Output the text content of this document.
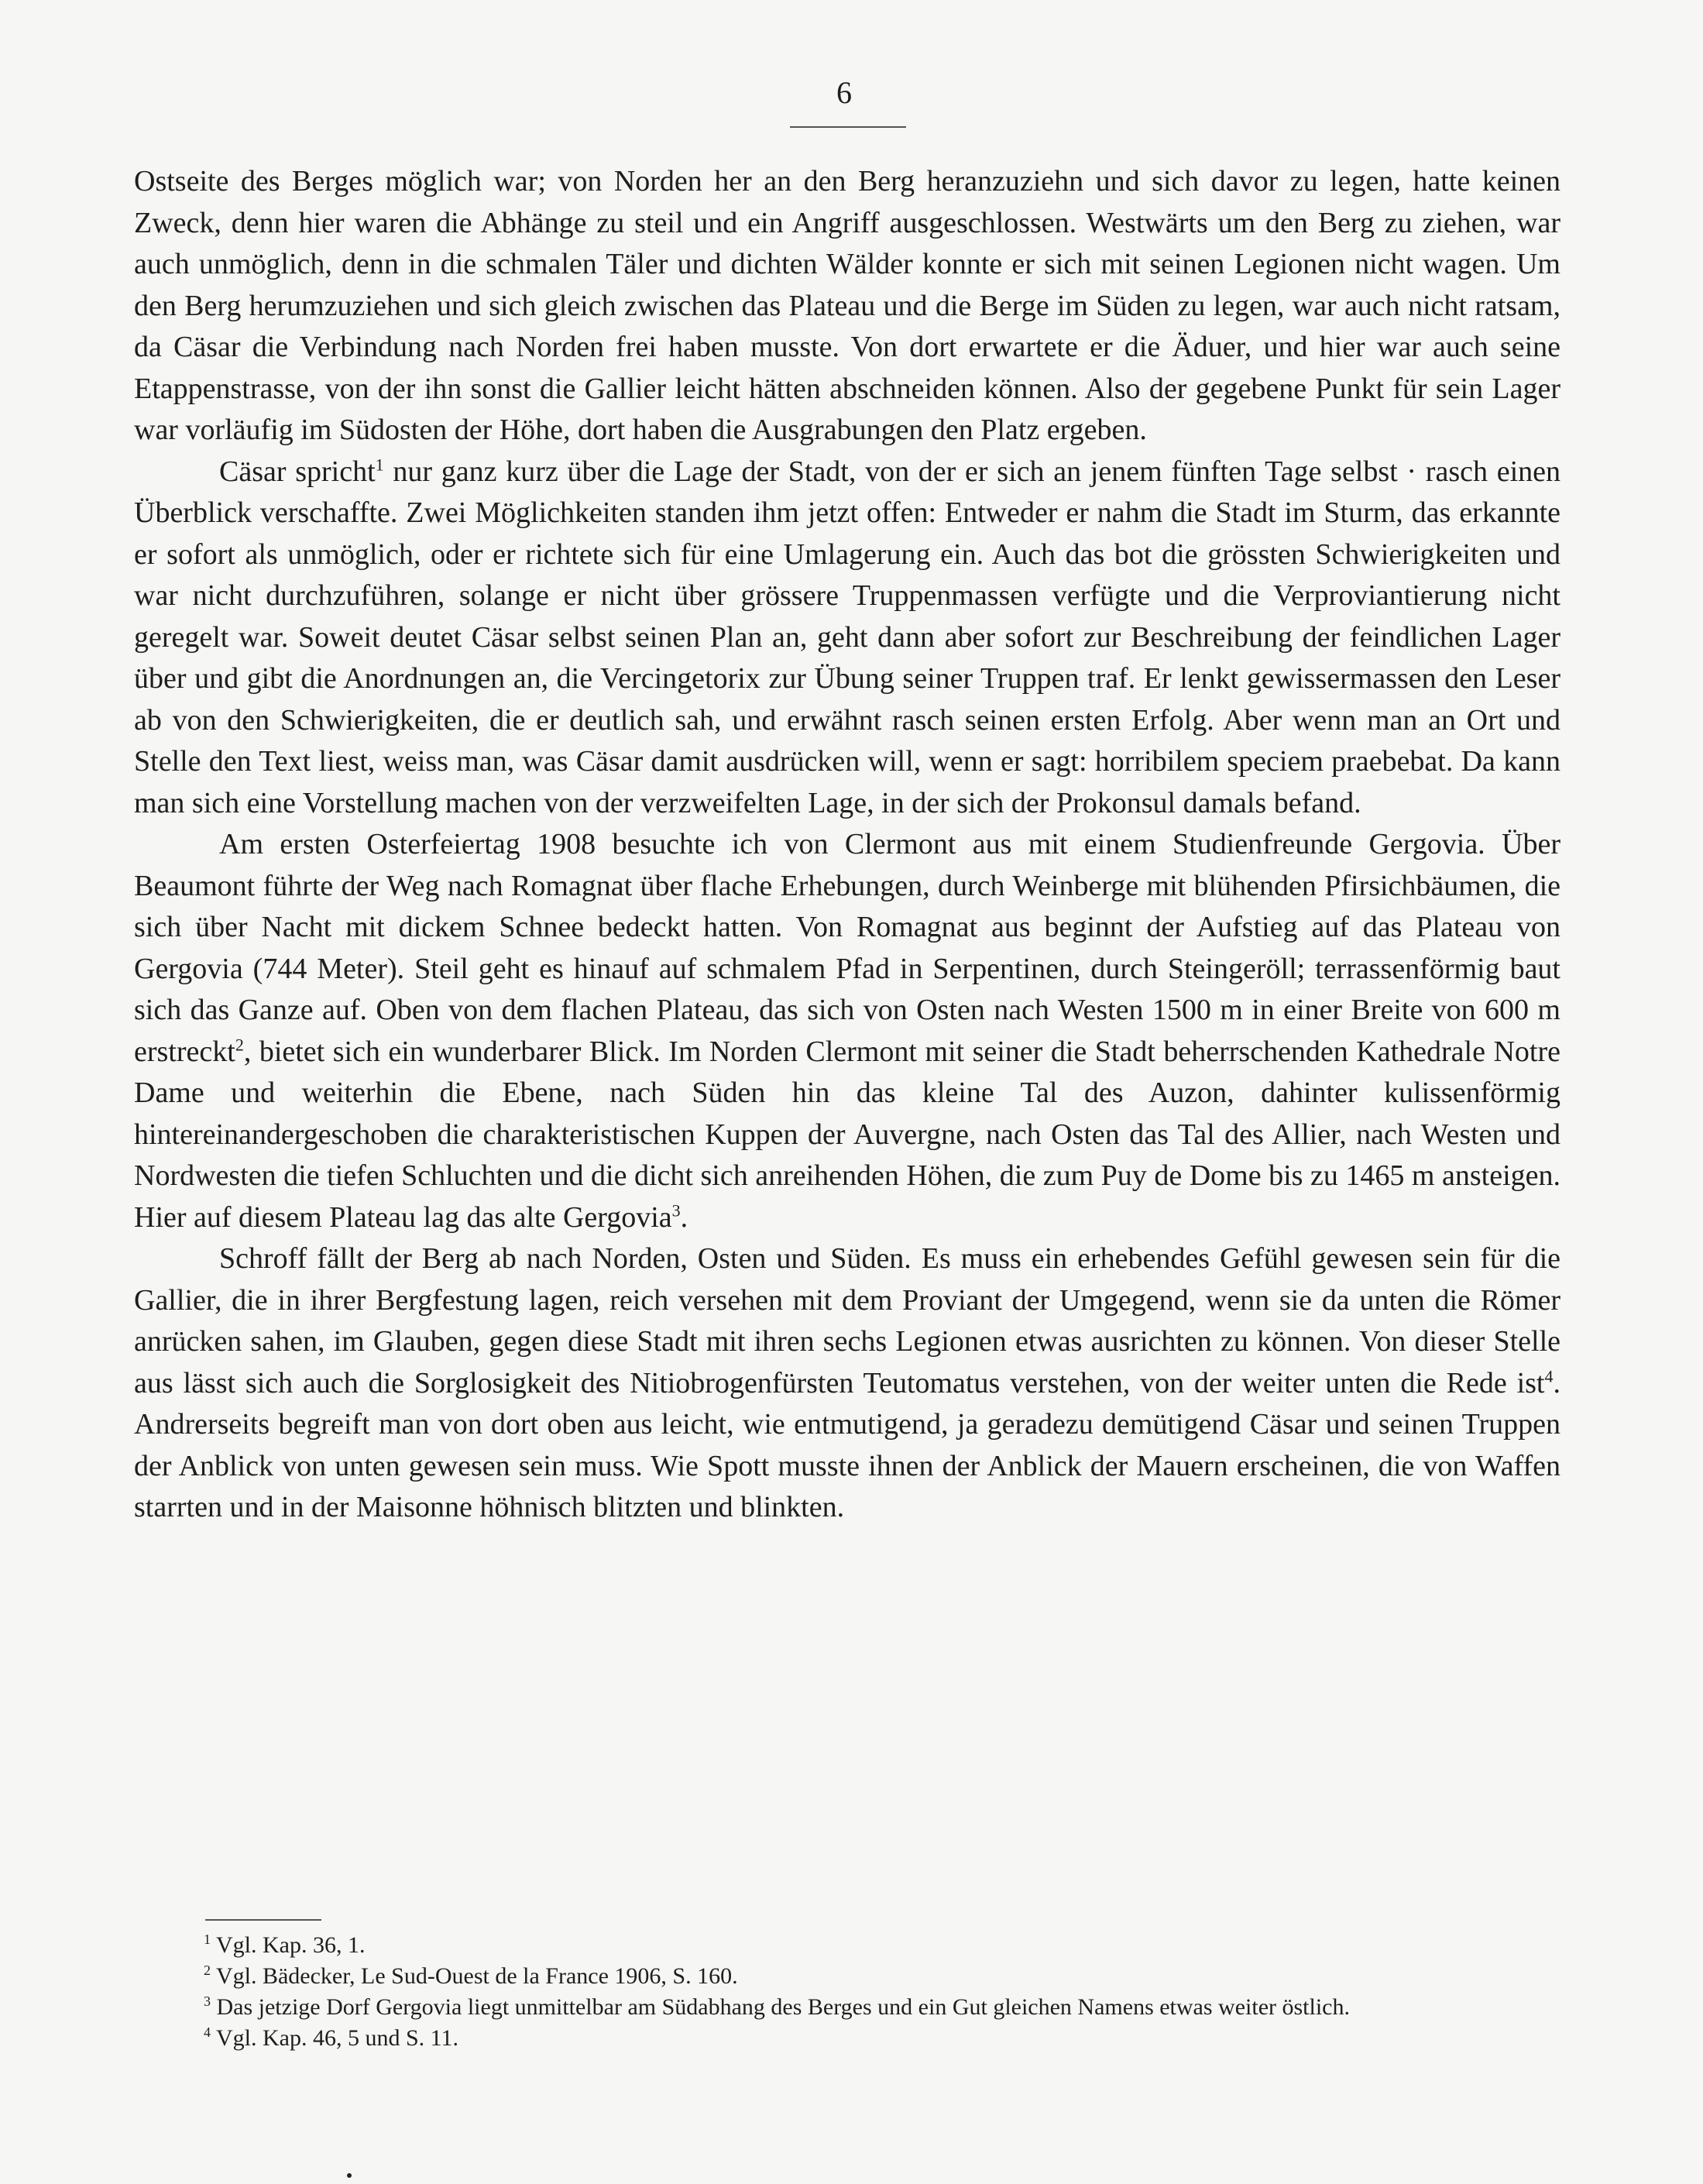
6

Ostseite des Berges möglich war; von Norden her an den Berg heranzuziehn und sich davor zu legen, hatte keinen Zweck, denn hier waren die Abhänge zu steil und ein Angriff ausgeschlossen. Westwärts um den Berg zu ziehen, war auch unmöglich, denn in die schmalen Täler und dichten Wälder konnte er sich mit seinen Legionen nicht wagen. Um den Berg herumzuziehen und sich gleich zwischen das Plateau und die Berge im Süden zu legen, war auch nicht ratsam, da Cäsar die Verbindung nach Norden frei haben musste. Von dort erwartete er die Äduer, und hier war auch seine Etappenstrasse, von der ihn sonst die Gallier leicht hätten abschneiden können. Also der gegebene Punkt für sein Lager war vorläufig im Südosten der Höhe, dort haben die Ausgrabungen den Platz ergeben.

Cäsar spricht$^1$ nur ganz kurz über die Lage der Stadt, von der er sich an jenem fünften Tage selbst · rasch einen Überblick verschaffte. Zwei Möglichkeiten standen ihm jetzt offen: Entweder er nahm die Stadt im Sturm, das erkannte er sofort als unmöglich, oder er richtete sich für eine Umlagerung ein. Auch das bot die grössten Schwierigkeiten und war nicht durchzuführen, solange er nicht über grössere Truppenmassen verfügte und die Verproviantierung nicht geregelt war. Soweit deutet Cäsar selbst seinen Plan an, geht dann aber sofort zur Beschreibung der feindlichen Lager über und gibt die Anordnungen an, die Vercingetorix zur Übung seiner Truppen traf. Er lenkt gewissermassen den Leser ab von den Schwierigkeiten, die er deutlich sah, und erwähnt rasch seinen ersten Erfolg. Aber wenn man an Ort und Stelle den Text liest, weiss man, was Cäsar damit ausdrücken will, wenn er sagt: horribilem speciem praebebat. Da kann man sich eine Vorstellung machen von der verzweifelten Lage, in der sich der Prokonsul damals befand.

Am ersten Osterfeiertag 1908 besuchte ich von Clermont aus mit einem Studienfreunde Gergovia. Über Beaumont führte der Weg nach Romagnat über flache Erhebungen, durch Weinberge mit blühenden Pfirsichbäumen, die sich über Nacht mit dickem Schnee bedeckt hatten. Von Romagnat aus beginnt der Aufstieg auf das Plateau von Gergovia (744 Meter). Steil geht es hinauf auf schmalem Pfad in Serpentinen, durch Steingeröll; terrassenförmig baut sich das Ganze auf. Oben von dem flachen Plateau, das sich von Osten nach Westen 1500 m in einer Breite von 600 m erstreckt$^2$, bietet sich ein wunderbarer Blick. Im Norden Clermont mit seiner die Stadt beherrschenden Kathedrale Notre Dame und weiterhin die Ebene, nach Süden hin das kleine Tal des Auzon, dahinter kulissenförmig hintereinandergeschoben die charakteristischen Kuppen der Auvergne, nach Osten das Tal des Allier, nach Westen und Nordwesten die tiefen Schluchten und die dicht sich anreihenden Höhen, die zum Puy de Dome bis zu 1465 m ansteigen. Hier auf diesem Plateau lag das alte Gergovia$^3$.

Schroff fällt der Berg ab nach Norden, Osten und Süden. Es muss ein erhebendes Gefühl gewesen sein für die Gallier, die in ihrer Bergfestung lagen, reich versehen mit dem Proviant der Umgegend, wenn sie da unten die Römer anrücken sahen, im Glauben, gegen diese Stadt mit ihren sechs Legionen etwas ausrichten zu können. Von dieser Stelle aus lässt sich auch die Sorglosigkeit des Nitiobrogenfürsten Teutomatus verstehen, von der weiter unten die Rede ist$^4$. Andrerseits begreift man von dort oben aus leicht, wie entmutigend, ja geradezu demütigend Cäsar und seinen Truppen der Anblick von unten gewesen sein muss. Wie Spott musste ihnen der Anblick der Mauern erscheinen, die von Waffen starrten und in der Maisonne höhnisch blitzten und blinkten.

$^1$ Vgl. Kap. 36, 1.

$^2$ Vgl. Bädecker, Le Sud-Ouest de la France 1906, S. 160.

$^3$ Das jetzige Dorf Gergovia liegt unmittelbar am Südabhang des Berges und ein Gut gleichen Namens etwas weiter östlich.

$^4$ Vgl. Kap. 46, 5 und S. 11.
